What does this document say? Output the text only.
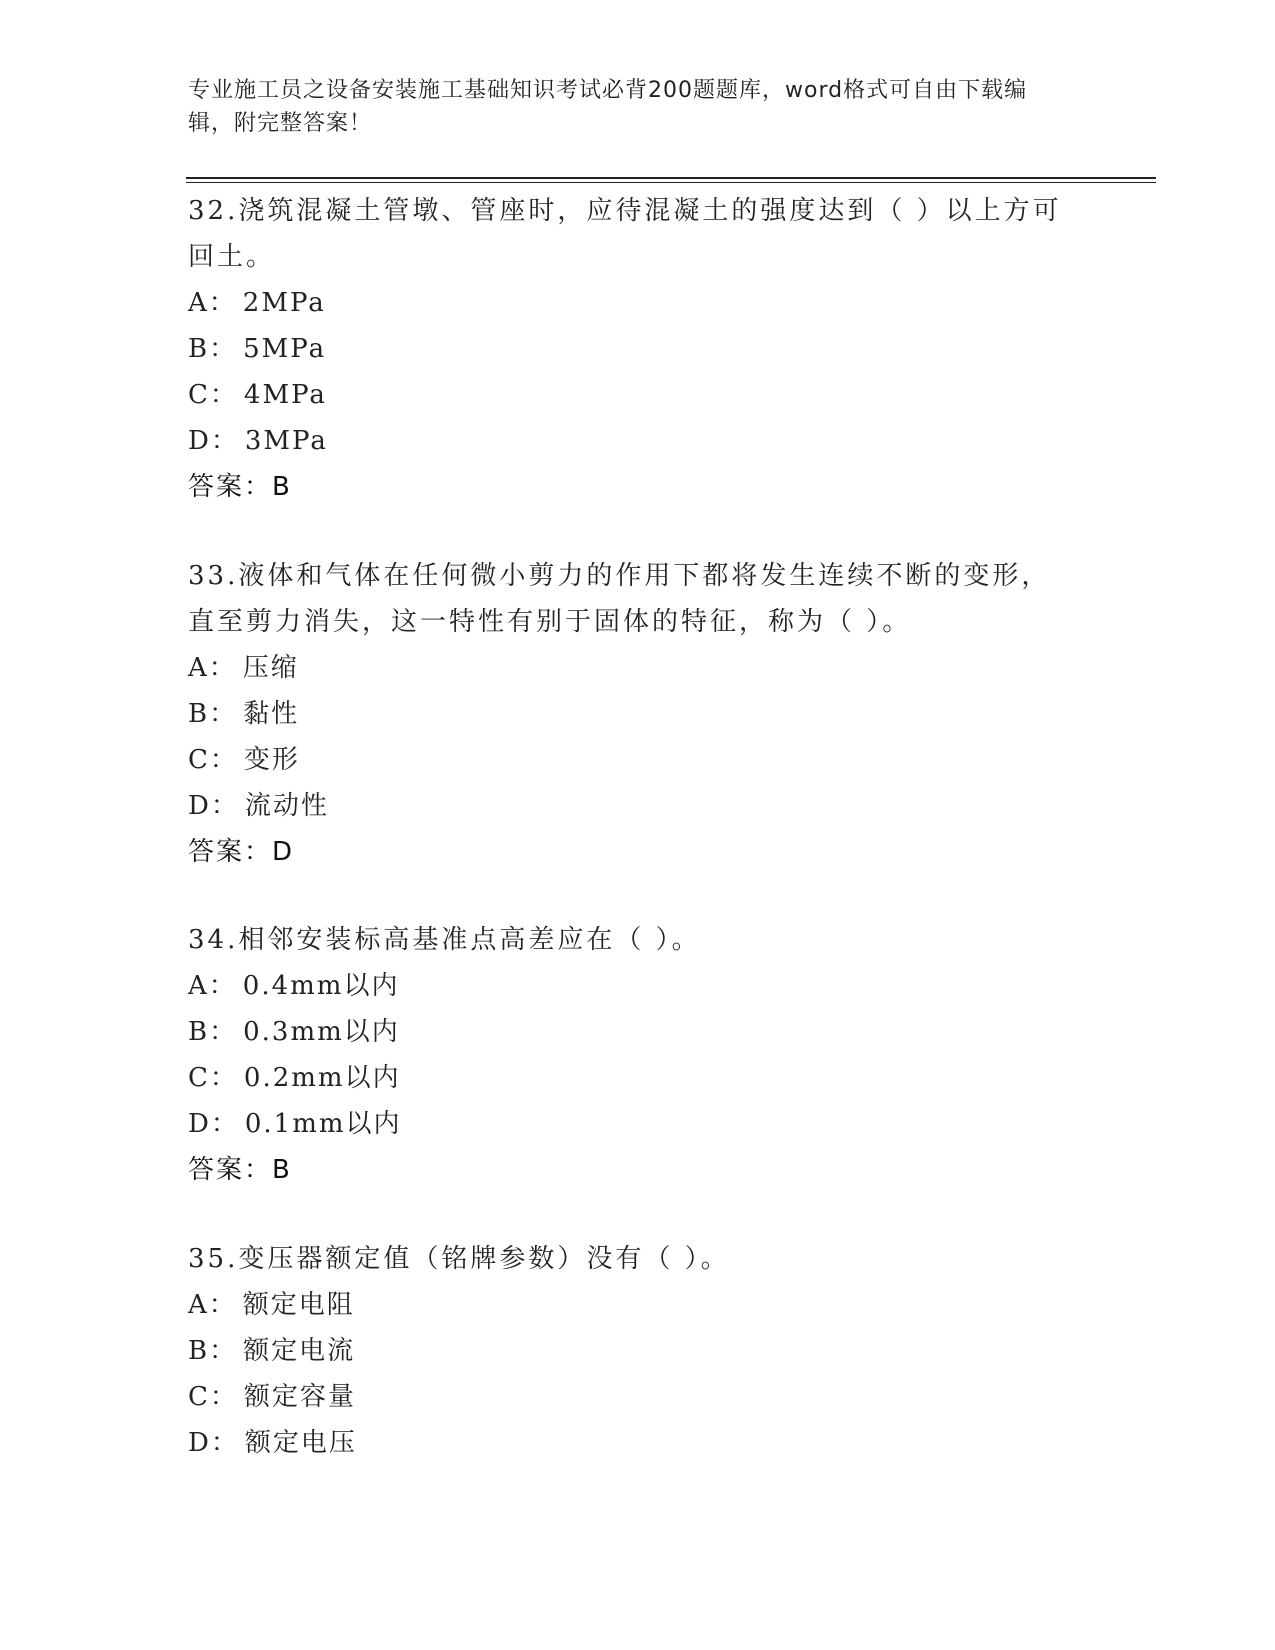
专业施工员之设备安装施工基础知识考试必背200题题库，word格式可自由下载编辑，附完整答案！

32.浇筑混凝土管墩、管座时，应待混凝土的强度达到（ ）以上方可回土。

A： 2MPa
B： 5MPa
C： 4MPa
D： 3MPa
答案：B

33.液体和气体在任何微小剪力的作用下都将发生连续不断的变形，直至剪力消失，这一特性有别于固体的特征，称为（ ）。

A： 压缩
B： 黏性
C： 变形
D： 流动性
答案：D

34.相邻安装标高基准点高差应在（ ）。

A： 0.4mm以内
B： 0.3mm以内
C： 0.2mm以内
D： 0.1mm以内
答案：B

35.变压器额定值（铭牌参数）没有（ ）。

A： 额定电阻
B： 额定电流
C： 额定容量
D： 额定电压
